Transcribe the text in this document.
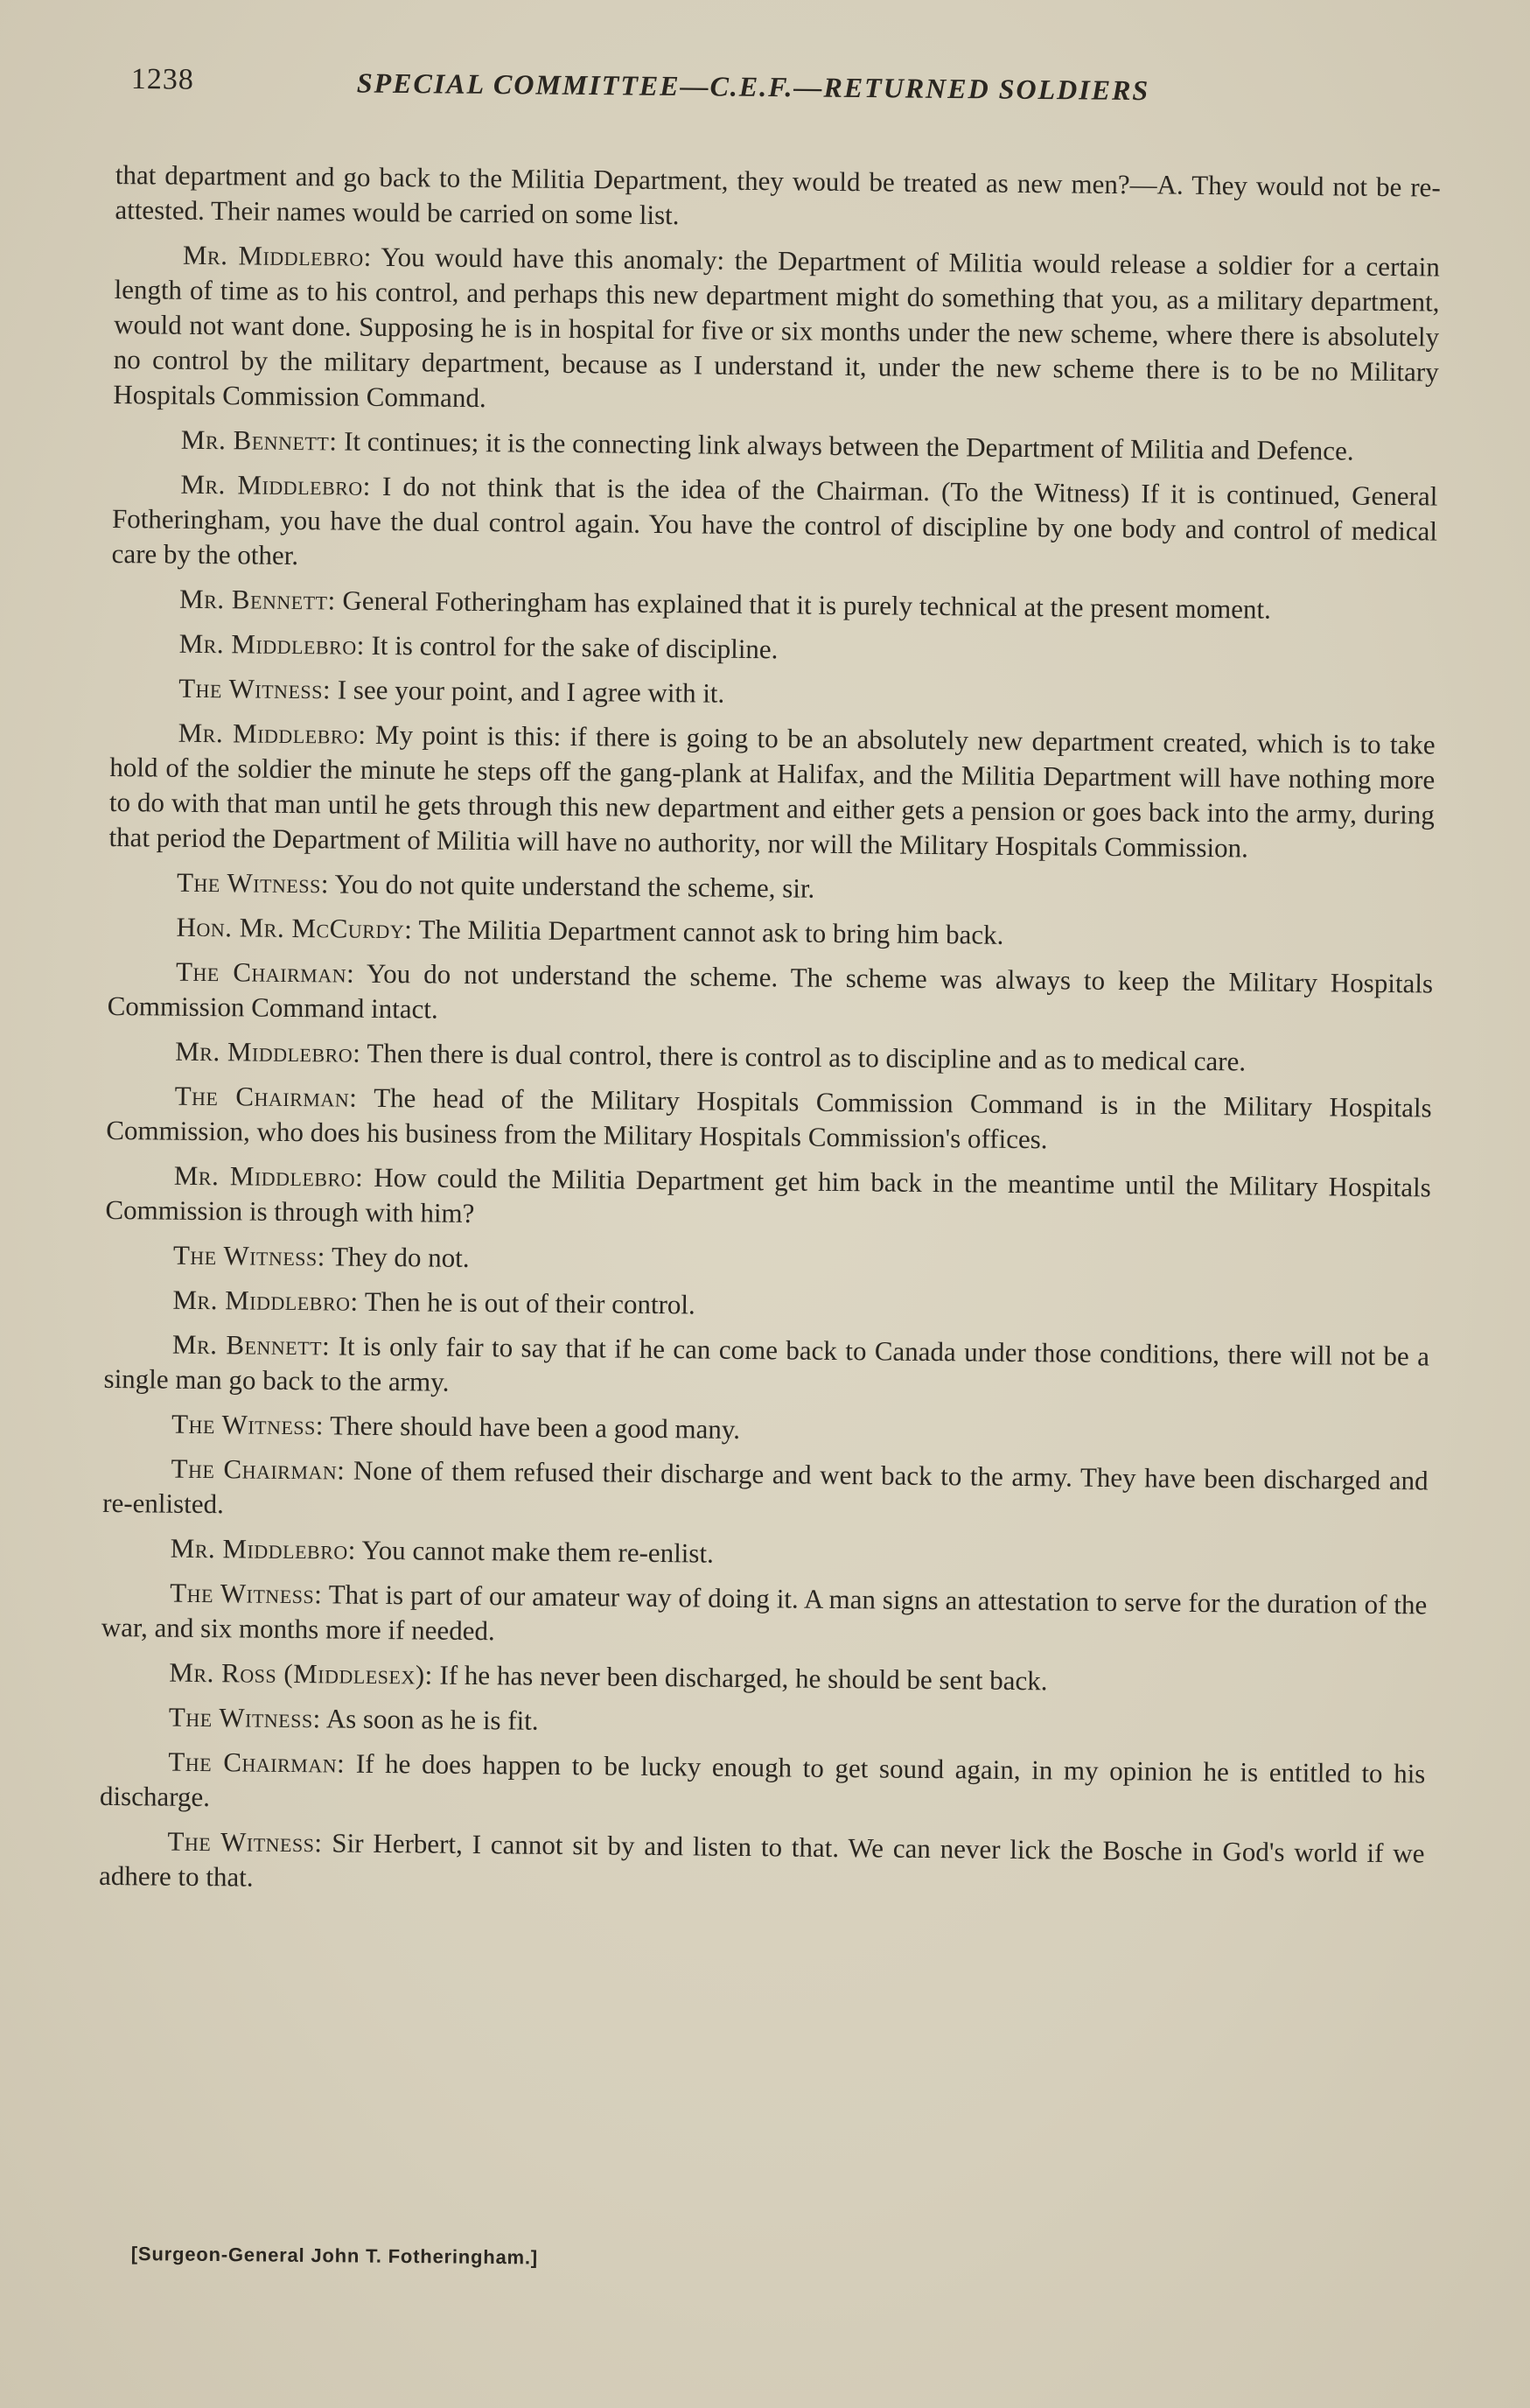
1238	SPECIAL COMMITTEE—C.E.F.—RETURNED SOLDIERS

that department and go back to the Militia Department, they would be treated as new men?—A. They would not be re-attested. Their names would be carried on some list.

Mr. Middlebro: You would have this anomaly: the Department of Militia would release a soldier for a certain length of time as to his control, and perhaps this new department might do something that you, as a military department, would not want done. Supposing he is in hospital for five or six months under the new scheme, where there is absolutely no control by the military department, because as I understand it, under the new scheme there is to be no Military Hospitals Commission Command.

Mr. Bennett: It continues; it is the connecting link always between the Department of Militia and Defence.

Mr. Middlebro: I do not think that is the idea of the Chairman. (To the Witness) If it is continued, General Fotheringham, you have the dual control again. You have the control of discipline by one body and control of medical care by the other.

Mr. Bennett: General Fotheringham has explained that it is purely technical at the present moment.

Mr. Middlebro: It is control for the sake of discipline.

The Witness: I see your point, and I agree with it.

Mr. Middlebro: My point is this: if there is going to be an absolutely new department created, which is to take hold of the soldier the minute he steps off the gang-plank at Halifax, and the Militia Department will have nothing more to do with that man until he gets through this new department and either gets a pension or goes back into the army, during that period the Department of Militia will have no authority, nor will the Military Hospitals Commission.

The Witness: You do not quite understand the scheme, sir.

Hon. Mr. McCurdy: The Militia Department cannot ask to bring him back.

The Chairman: You do not understand the scheme. The scheme was always to keep the Military Hospitals Commission Command intact.

Mr. Middlebro: Then there is dual control, there is control as to discipline and as to medical care.

The Chairman: The head of the Military Hospitals Commission Command is in the Military Hospitals Commission, who does his business from the Military Hospitals Commission's offices.

Mr. Middlebro: How could the Militia Department get him back in the meantime until the Military Hospitals Commission is through with him?

The Witness: They do not.

Mr. Middlebro: Then he is out of their control.

Mr. Bennett: It is only fair to say that if he can come back to Canada under those conditions, there will not be a single man go back to the army.

The Witness: There should have been a good many.

The Chairman: None of them refused their discharge and went back to the army. They have been discharged and re-enlisted.

Mr. Middlebro: You cannot make them re-enlist.

The Witness: That is part of our amateur way of doing it. A man signs an attestation to serve for the duration of the war, and six months more if needed.

Mr. Ross (Middlesex): If he has never been discharged, he should be sent back.

The Witness: As soon as he is fit.

The Chairman: If he does happen to be lucky enough to get sound again, in my opinion he is entitled to his discharge.

The Witness: Sir Herbert, I cannot sit by and listen to that. We can never lick the Bosche in God's world if we adhere to that.

[Surgeon-General John T. Fotheringham.]
